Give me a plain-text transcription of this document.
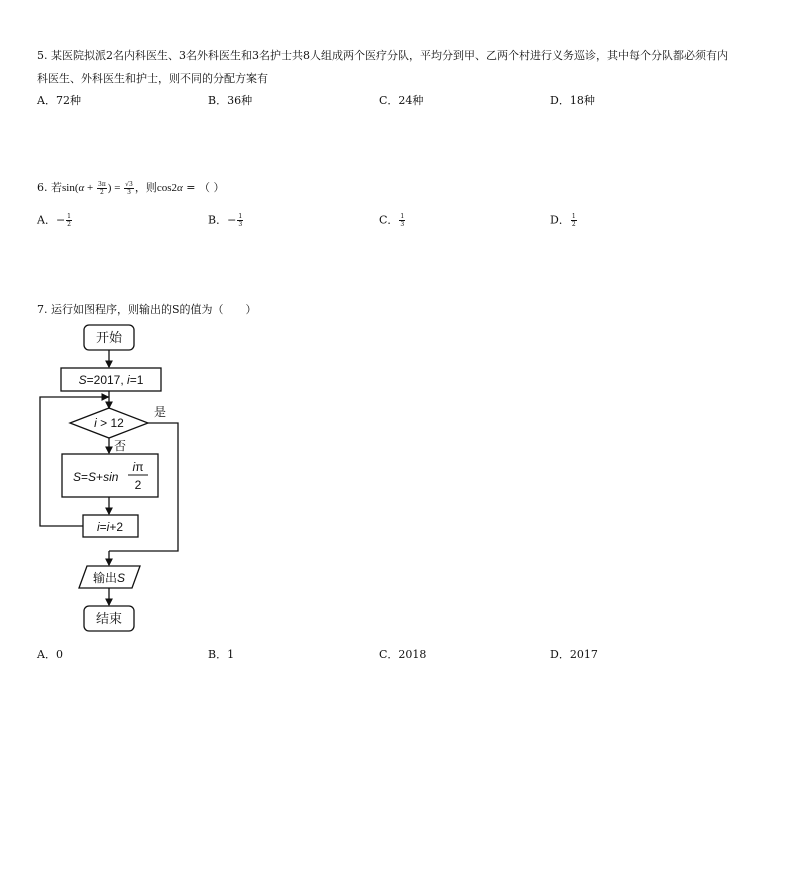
5. 某医院拟派2名内科医生、3名外科医生和3名护士共8人组成两个医疗分队，平均分到甲、乙两个村进行义务巡诊，其中每个分队都必须有内
科医生、外科医生和护士，则不同的分配方案有
A．72种	B．36种	C．24种	D．18种
6. 若$\sin(\alpha + \frac{3\pi}{2}$ ) = $\frac{√3}{3}$ ，则cos2α = （ ）
A．− $\frac{1}{2}$	B．− $\frac{1}{3}$	C． $\frac{1}{3}$	D． $\frac{1}{2}$
7. 运行如图程序，则输出的S的值为（　　）
开始
S=2017, i=1
i > 12
是
否
S=S+sin
iπ
2
i=i+2
输出S
结束
A．0	B．1	C．2018	D．2017
